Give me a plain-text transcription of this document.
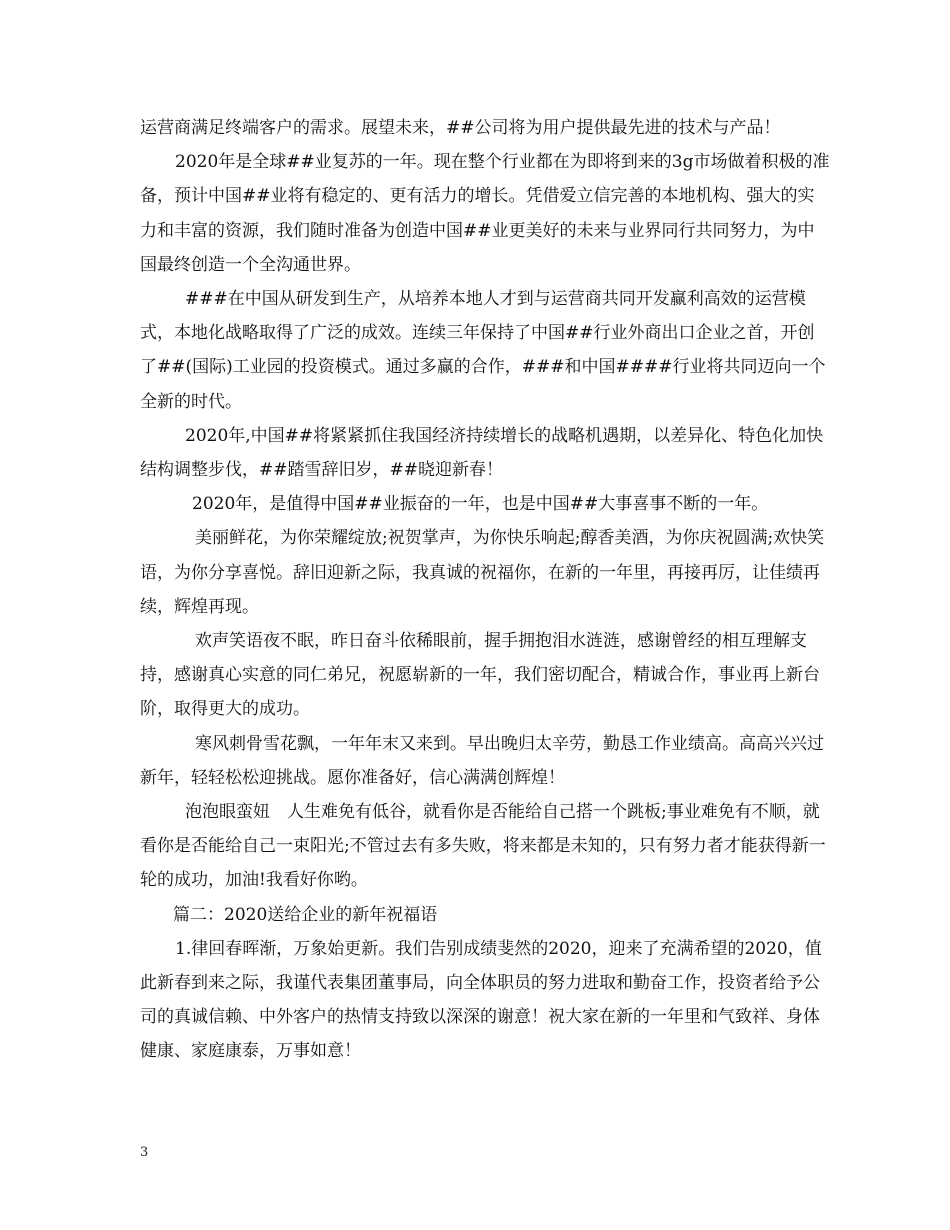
运营商满足终端客户的需求。展望未来，##公司将为用户提供最先进的技术与产品！

2020年是全球##业复苏的一年。现在整个行业都在为即将到来的3g市场做着积极的准备，预计中国##业将有稳定的、更有活力的增长。凭借爱立信完善的本地机构、强大的实力和丰富的资源，我们随时准备为创造中国##业更美好的未来与业界同行共同努力，为中国最终创造一个全沟通世界。

###在中国从研发到生产，从培养本地人才到与运营商共同开发赢利高效的运营模式，本地化战略取得了广泛的成效。连续三年保持了中国##行业外商出口企业之首，开创了##(国际)工业园的投资模式。通过多赢的合作，###和中国####行业将共同迈向一个全新的时代。

2020年,中国##将紧紧抓住我国经济持续增长的战略机遇期，以差异化、特色化加快结构调整步伐，##踏雪辞旧岁，##晓迎新春！

2020年，是值得中国##业振奋的一年，也是中国##大事喜事不断的一年。

美丽鲜花，为你荣耀绽放;祝贺掌声，为你快乐响起;醇香美酒，为你庆祝圆满;欢快笑语，为你分享喜悦。辞旧迎新之际，我真诚的祝福你，在新的一年里，再接再厉，让佳绩再续，辉煌再现。

欢声笑语夜不眠，昨日奋斗依稀眼前，握手拥抱泪水涟涟，感谢曾经的相互理解支持，感谢真心实意的同仁弟兄，祝愿崭新的一年，我们密切配合，精诚合作，事业再上新台阶，取得更大的成功。

寒风刺骨雪花飘，一年年末又来到。早出晚归太辛劳，勤恳工作业绩高。高高兴兴过新年，轻轻松松迎挑战。愿你准备好，信心满满创辉煌！

泡泡眼蛮妞　人生难免有低谷，就看你是否能给自己搭一个跳板;事业难免有不顺，就看你是否能给自己一束阳光;不管过去有多失败，将来都是未知的，只有努力者才能获得新一轮的成功，加油!我看好你哟。

篇二：2020送给企业的新年祝福语

1.律回春晖渐，万象始更新。我们告别成绩斐然的2020，迎来了充满希望的2020，值此新春到来之际，我谨代表集团董事局，向全体职员的努力进取和勤奋工作，投资者给予公司的真诚信赖、中外客户的热情支持致以深深的谢意！祝大家在新的一年里和气致祥、身体健康、家庭康泰，万事如意！

3
